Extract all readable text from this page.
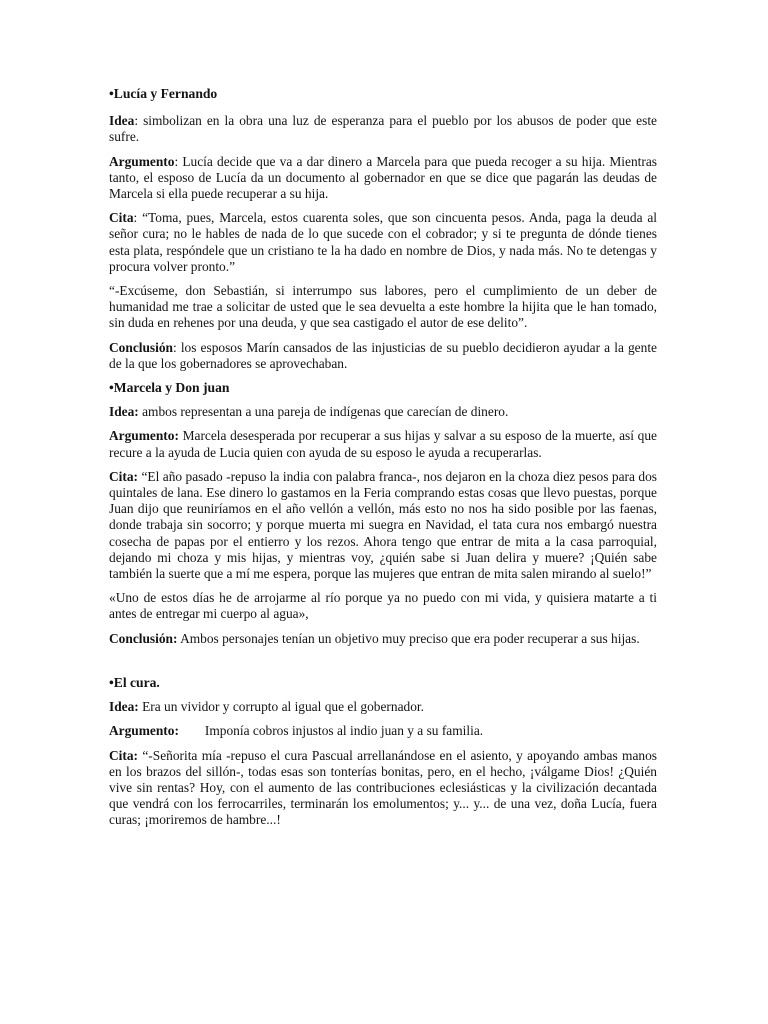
•Lucía y Fernando

Idea: simbolizan en la obra una luz de esperanza para el pueblo por los abusos de poder que este sufre.

Argumento: Lucía decide que va a dar dinero a Marcela para que pueda recoger a su hija. Mientras tanto, el esposo de Lucía da un documento al gobernador en que se dice que pagarán las deudas de Marcela si ella puede recuperar a su hija.

Cita: “Toma, pues, Marcela, estos cuarenta soles, que son cincuenta pesos. Anda, paga la deuda al señor cura; no le hables de nada de lo que sucede con el cobrador; y si te pregunta de dónde tienes esta plata, respóndele que un cristiano te la ha dado en nombre de Dios, y nada más. No te detengas y procura volver pronto.”

“-Excúseme, don Sebastián, si interrumpo sus labores, pero el cumplimiento de un deber de humanidad me trae a solicitar de usted que le sea devuelta a este hombre la hijita que le han tomado, sin duda en rehenes por una deuda, y que sea castigado el autor de ese delito”.

Conclusión: los esposos Marín cansados de las injusticias de su pueblo decidieron ayudar a la gente de la que los gobernadores se aprovechaban.

•Marcela y Don juan

Idea: ambos representan a una pareja de indígenas que carecían de dinero.

Argumento: Marcela desesperada por recuperar a sus hijas y salvar a su esposo de la muerte, así que recure a la ayuda de Lucia quien con ayuda de su esposo le ayuda a recuperarlas.

Cita: “El año pasado -repuso la india con palabra franca-, nos dejaron en la choza diez pesos para dos quintales de lana. Ese dinero lo gastamos en la Feria comprando estas cosas que llevo puestas, porque Juan dijo que reuniríamos en el año vellón a vellón, más esto no nos ha sido posible por las faenas, donde trabaja sin socorro; y porque muerta mi suegra en Navidad, el tata cura nos embargó nuestra cosecha de papas por el entierro y los rezos. Ahora tengo que entrar de mita a la casa parroquial, dejando mi choza y mis hijas, y mientras voy, ¿quién sabe si Juan delira y muere? ¡Quién sabe también la suerte que a mí me espera, porque las mujeres que entran de mita salen mirando al suelo!”

«Uno de estos días he de arrojarme al río porque ya no puedo con mi vida, y quisiera matarte a ti antes de entregar mi cuerpo al agua»,

Conclusión: Ambos personajes tenían un objetivo muy preciso que era poder recuperar a sus hijas.

•El cura.

Idea: Era un vividor y corrupto al igual que el gobernador.

Argumento: Imponía cobros injustos al indio juan y a su familia.

Cita: “-Señorita mía -repuso el cura Pascual arrellanándose en el asiento, y apoyando ambas manos en los brazos del sillón-, todas esas son tonterías bonitas, pero, en el hecho, ¡válgame Dios! ¿Quién vive sin rentas? Hoy, con el aumento de las contribuciones eclesiásticas y la civilización decantada que vendrá con los ferrocarriles, terminarán los emolumentos; y... y... de una vez, doña Lucía, fuera curas; ¡moriremos de hambre...!
